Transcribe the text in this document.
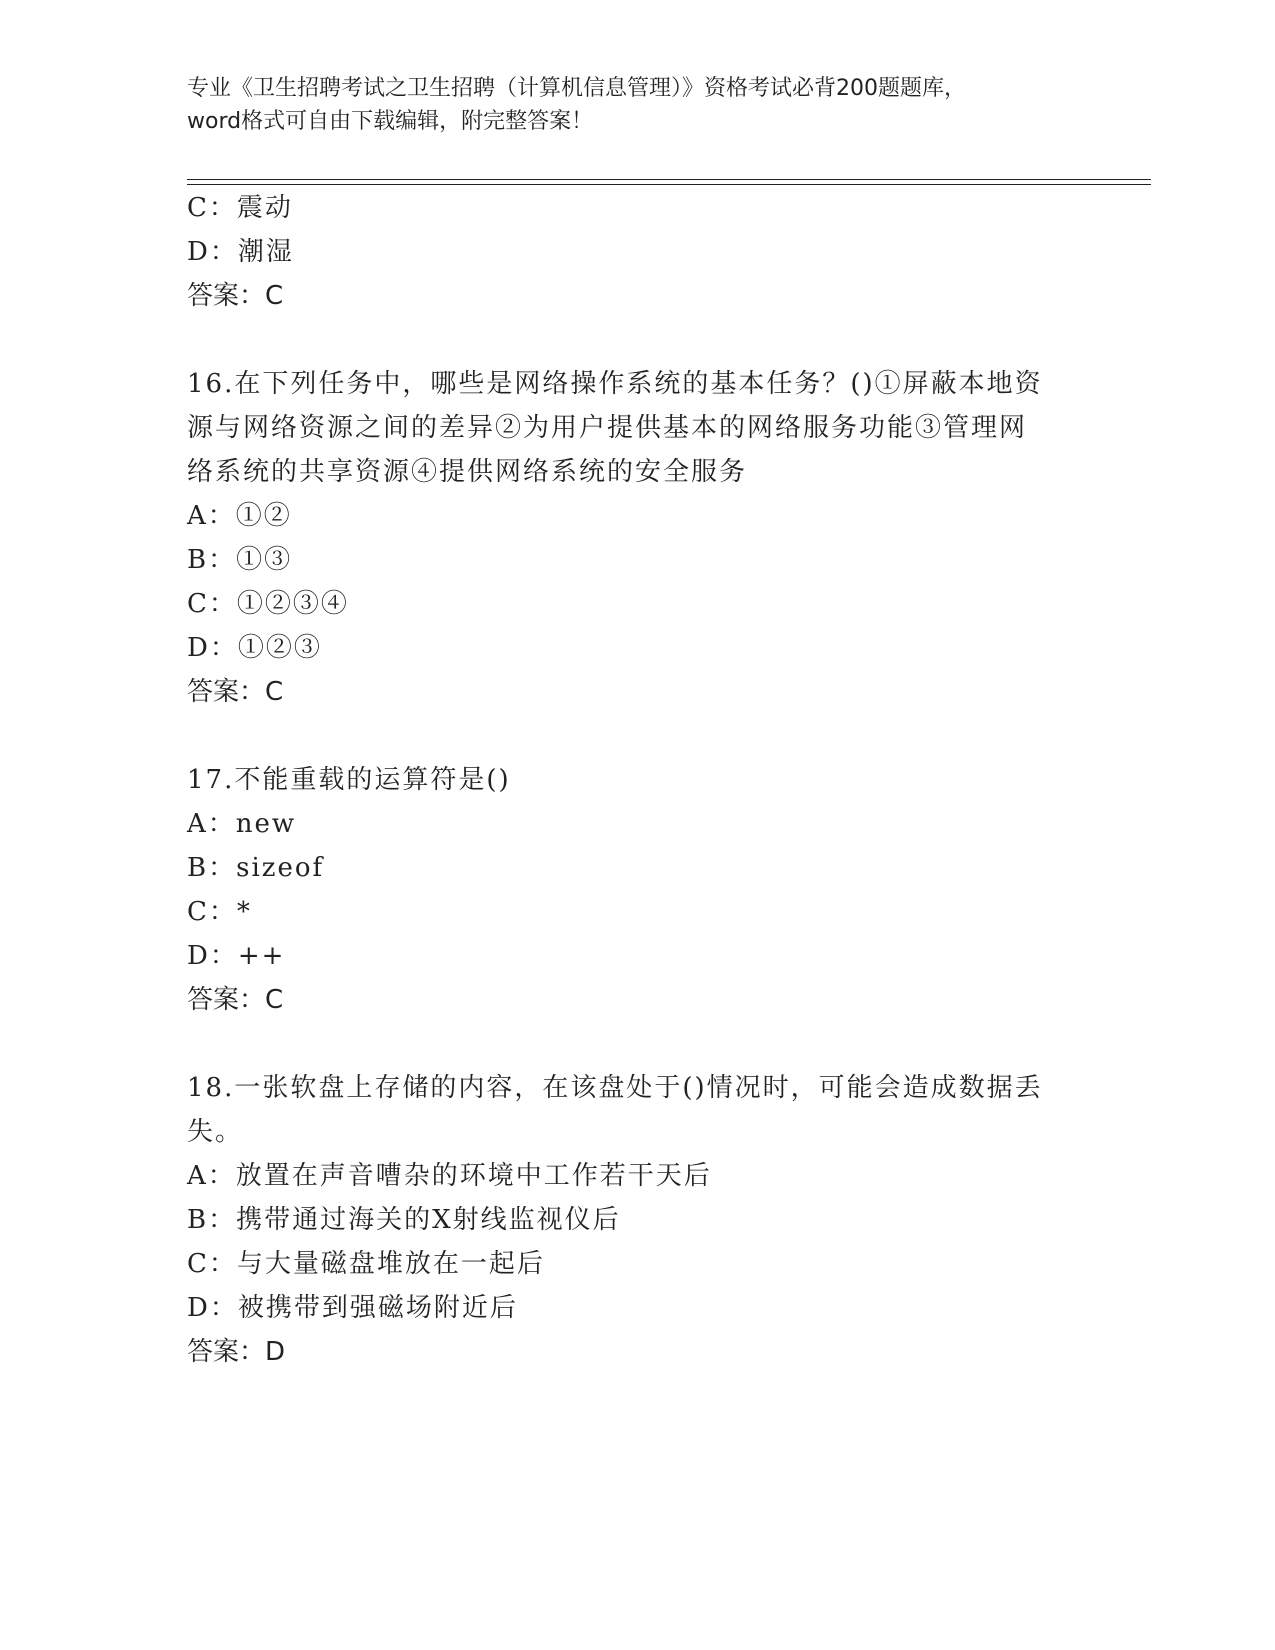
专业《卫生招聘考试之卫生招聘（计算机信息管理）》资格考试必背200题题库，
word格式可自由下载编辑，附完整答案！
C：震动
D：潮湿
答案：C
16.在下列任务中，哪些是网络操作系统的基本任务？()①屏蔽本地资
源与网络资源之间的差异②为用户提供基本的网络服务功能③管理网
络系统的共享资源④提供网络系统的安全服务
A：①②
B：①③
C：①②③④
D：①②③
答案：C
17.不能重载的运算符是()
A：new
B：sizeof
C：*
D：++
答案：C
18.一张软盘上存储的内容，在该盘处于()情况时，可能会造成数据丢
失。
A：放置在声音嘈杂的环境中工作若干天后
B：携带通过海关的X射线监视仪后
C：与大量磁盘堆放在一起后
D：被携带到强磁场附近后
答案：D
